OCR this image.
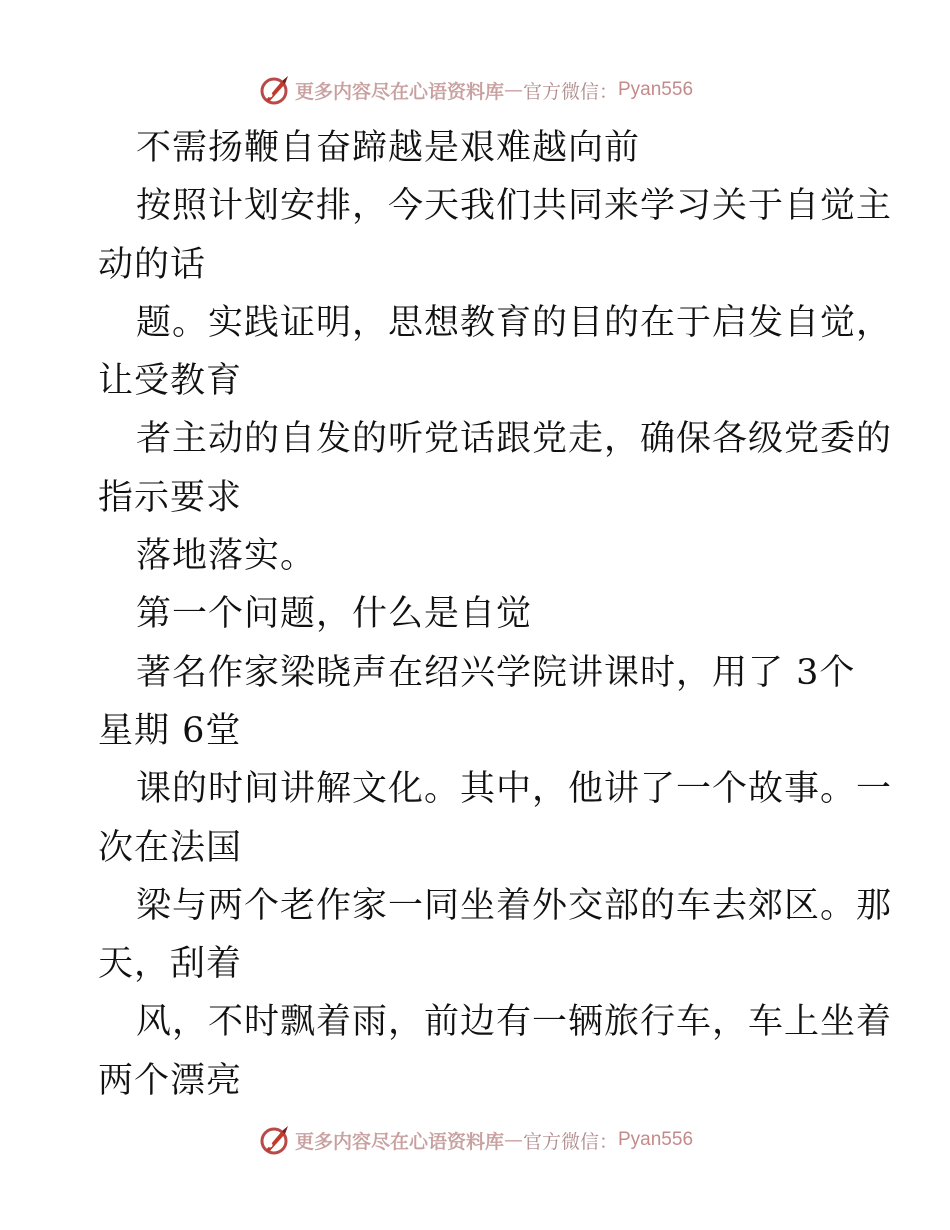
更多内容尽在心语资料库 — 官方微信： Pyan556
不需扬鞭自奋蹄越是艰难越向前
按照计划安排，今天我们共同来学习关于自觉主
动的话
题。实践证明，思想教育的目的在于启发自觉，
让受教育
者主动的自发的听党话跟党走，确保各级党委的
指示要求
落地落实。
第一个问题，什么是自觉
著名作家梁晓声在绍兴学院讲课时，用了 3个
星期 6堂
课的时间讲解文化。其中，他讲了一个故事。一
次在法国
梁与两个老作家一同坐着外交部的车去郊区。那
天，刮着
风，不时飘着雨，前边有一辆旅行车，车上坐着
两个漂亮
更多内容尽在心语资料库 — 官方微信： Pyan556
